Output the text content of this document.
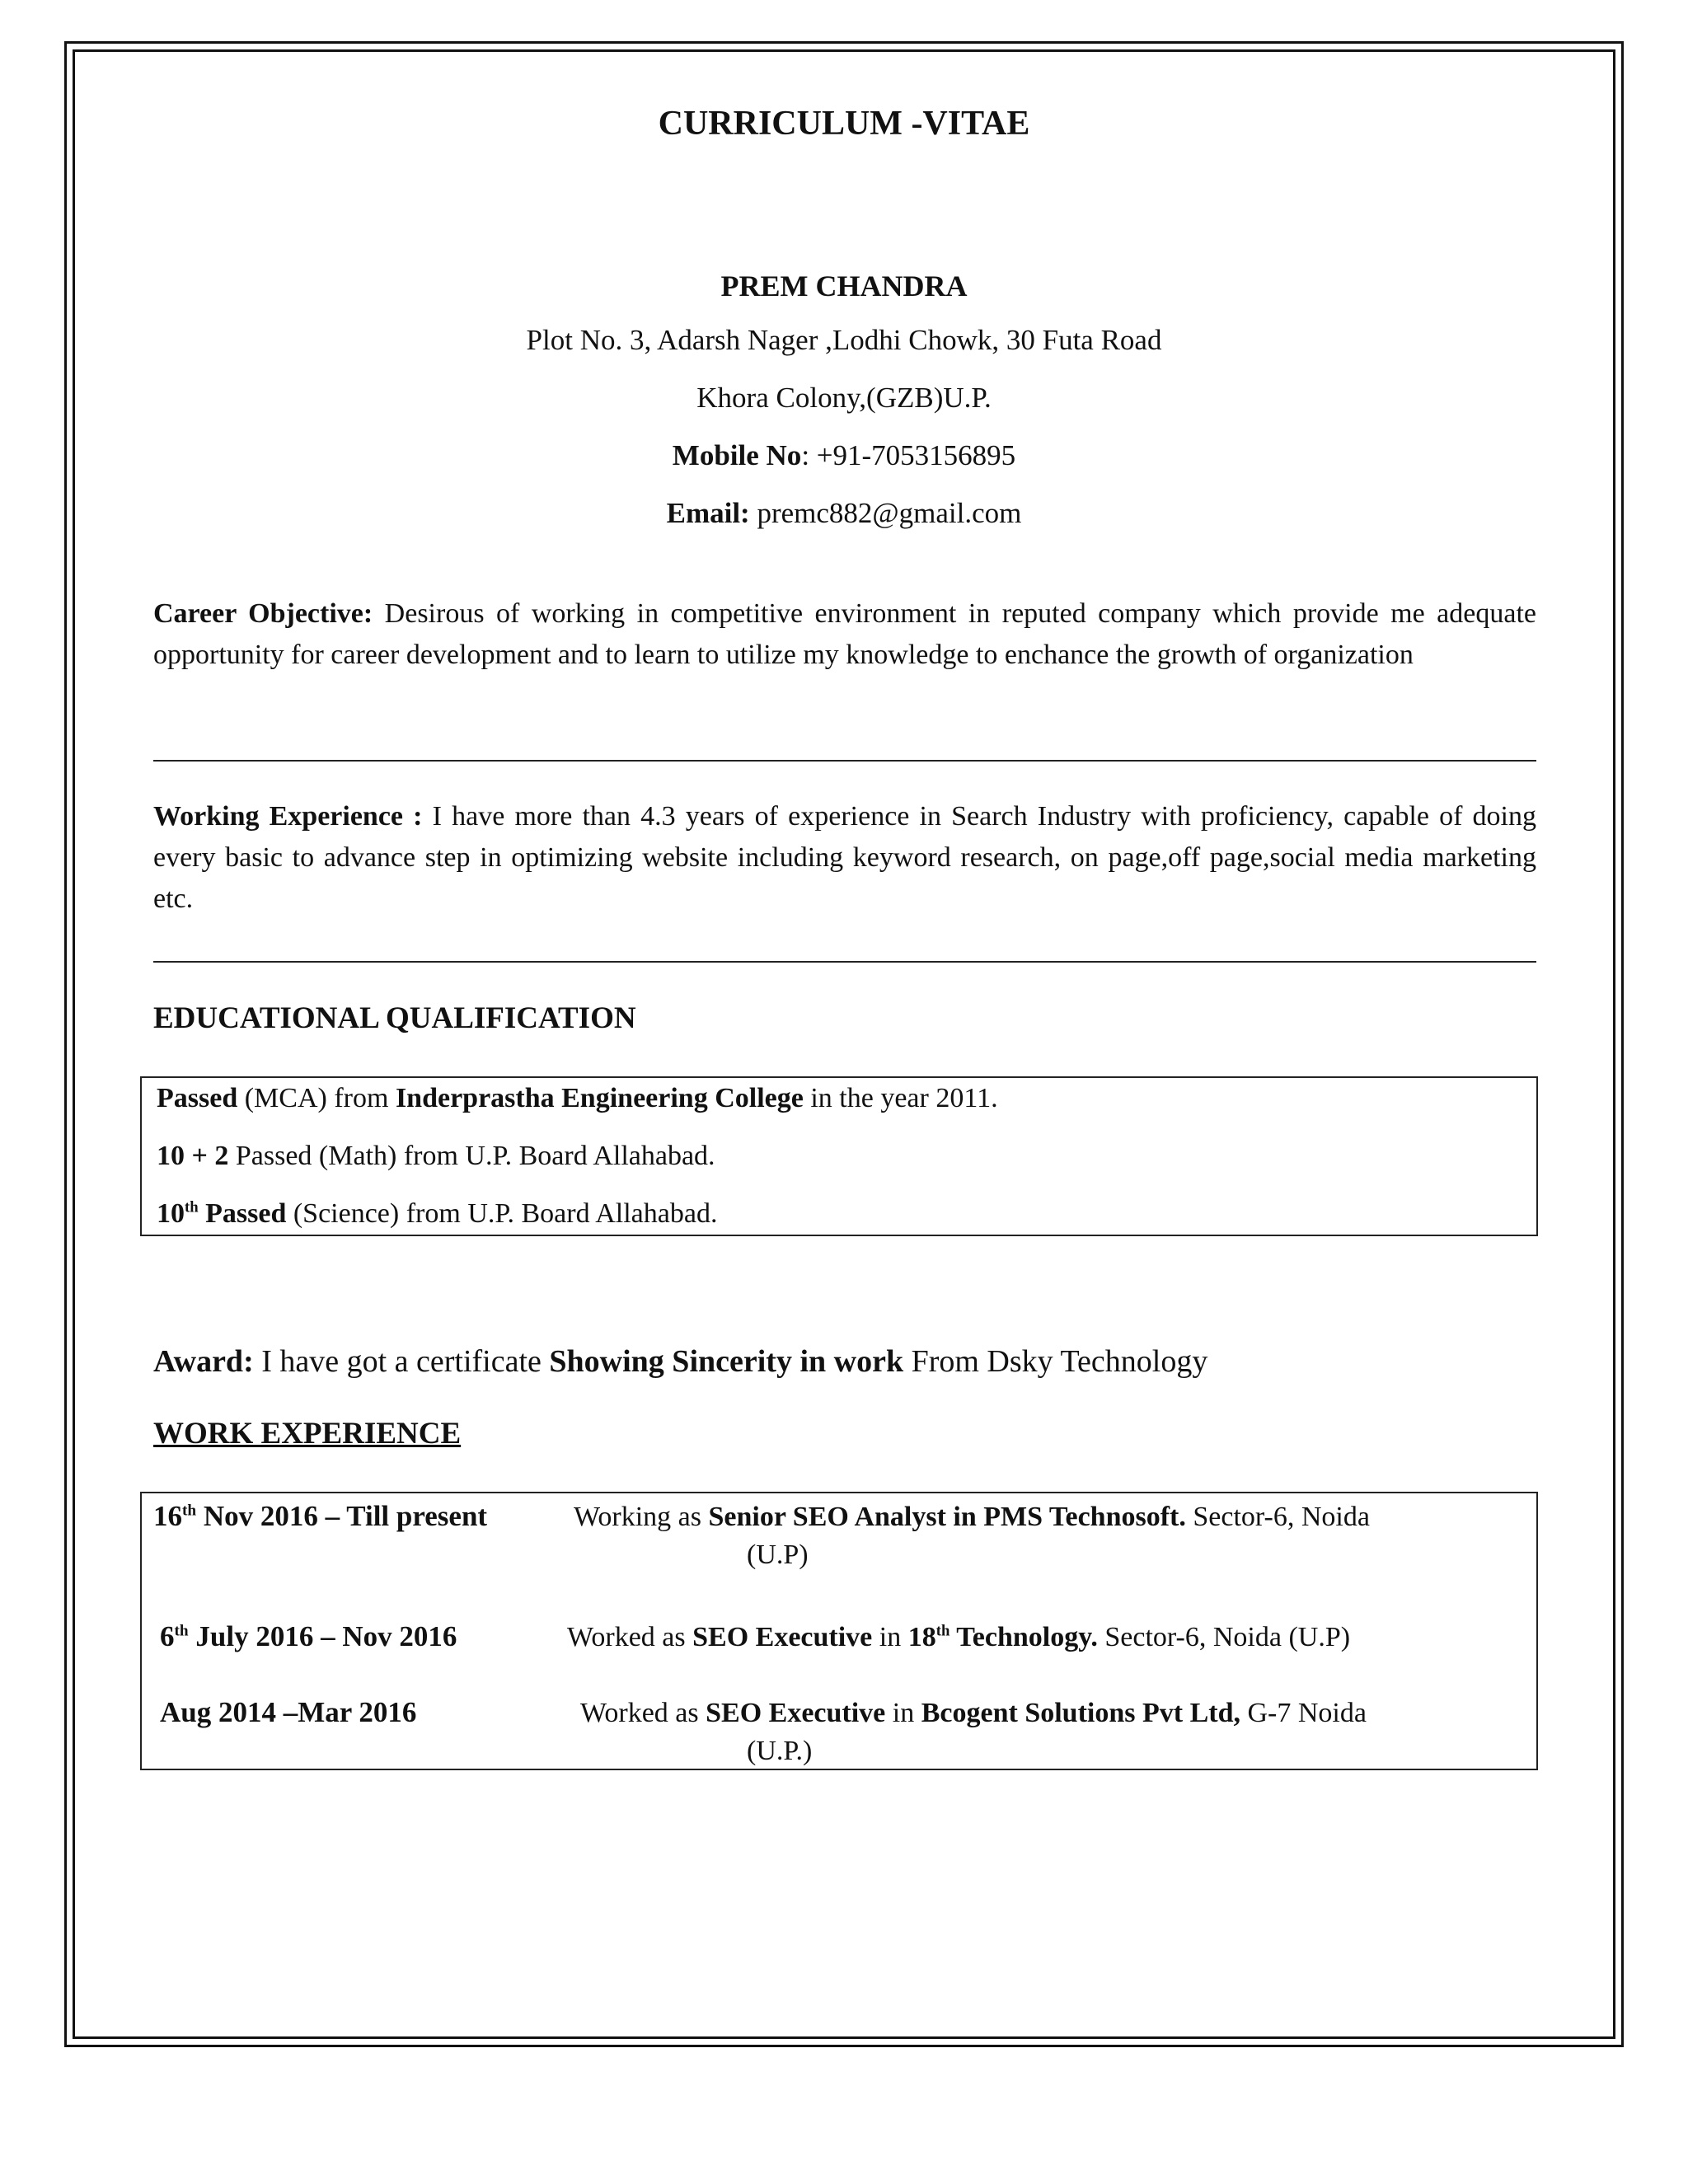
CURRICULUM -VITAE
PREM CHANDRA
Plot No. 3, Adarsh Nager ,Lodhi Chowk, 30 Futa Road
Khora Colony,(GZB)U.P.
Mobile No: +91-7053156895
Email: premc882@gmail.com
Career Objective: Desirous of working in competitive environment in reputed company which provide me adequate opportunity for career development and to learn to utilize my knowledge to enchance the growth of organization
Working Experience : I have more than 4.3 years of experience in Search Industry with proficiency, capable of doing every basic to advance step in optimizing website including keyword research, on page,off page,social media marketing etc.
EDUCATIONAL QUALIFICATION
Passed (MCA) from Inderprastha Engineering College in the year 2011.
10 + 2 Passed (Math) from U.P. Board Allahabad.
10th Passed (Science) from U.P. Board Allahabad.
Award: I have got a certificate Showing Sincerity in work From Dsky Technology
WORK EXPERIENCE
16th Nov 2016 – Till present	Working as Senior SEO Analyst in PMS Technosoft. Sector-6, Noida
(U.P)
6th July 2016 – Nov 2016	Worked as SEO Executive in 18th Technology. Sector-6, Noida (U.P)
Aug 2014 –Mar 2016	Worked as SEO Executive in Bcogent Solutions Pvt Ltd, G-7 Noida
(U.P.)
